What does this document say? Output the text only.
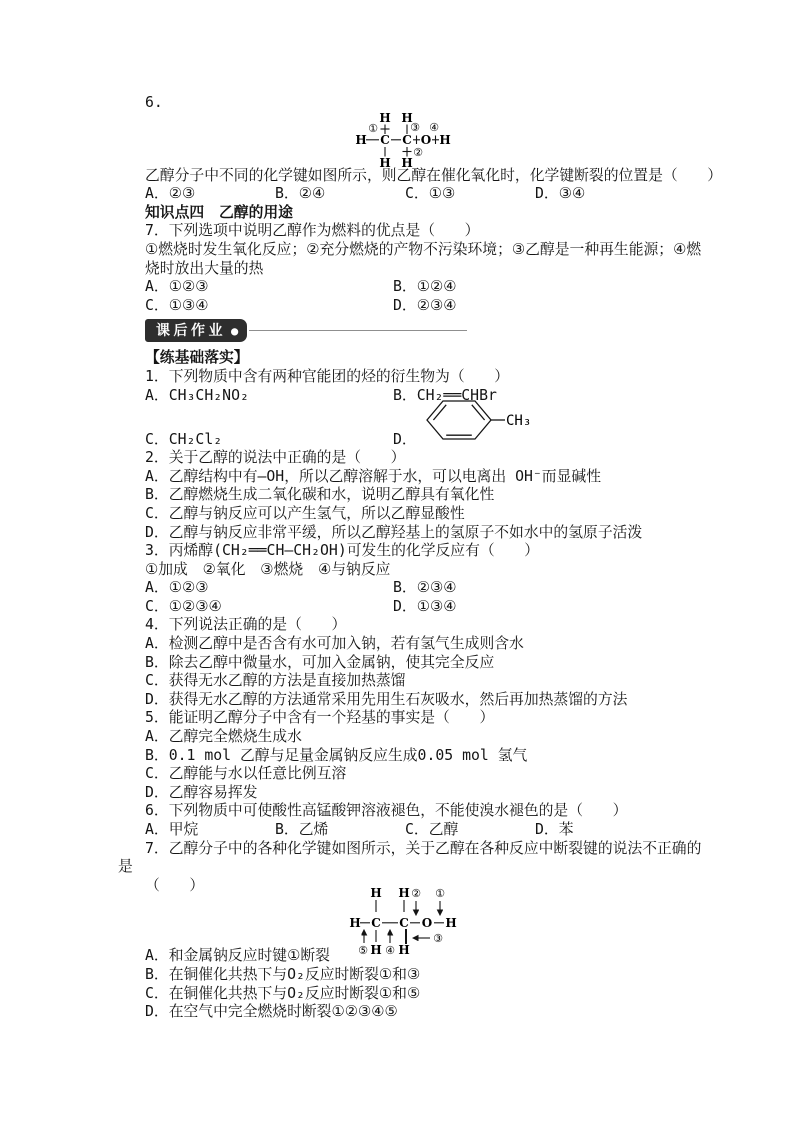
6.
H H
①	③ ④
H C C O H
②
H H
乙醇分子中不同的化学键如图所示，则乙醇在催化氧化时，化学键断裂的位置是（　　）
A．②③	B．②④	C．①③	D．③④
知识点四　乙醇的用途
7．下列选项中说明乙醇作为燃料的优点是（　　）
①燃烧时发生氧化反应；②充分燃烧的产物不污染环境；③乙醇是一种再生能源；④燃
烧时放出大量的热
A．①②③	B．①②④
C．①③④	D．②③④
课后作业 ●
【练基础落实】
1．下列物质中含有两种官能团的烃的衍生物为（　　）
A．CH₃CH₂NO₂	B．CH₂══CHBr
C．CH₂Cl₂	D．
CH₃
2．关于乙醇的说法中正确的是（　　）
A．乙醇结构中有—OH，所以乙醇溶解于水，可以电离出 OH⁻而显碱性
B．乙醇燃烧生成二氧化碳和水，说明乙醇具有氧化性
C．乙醇与钠反应可以产生氢气，所以乙醇显酸性
D．乙醇与钠反应非常平缓，所以乙醇羟基上的氢原子不如水中的氢原子活泼
3．丙烯醇(CH₂══CH—CH₂OH)可发生的化学反应有（　　）
①加成　②氧化　③燃烧　④与钠反应
A．①②③	B．②③④
C．①②③④	D．①③④
4．下列说法正确的是（　　）
A．检测乙醇中是否含有水可加入钠，若有氢气生成则含水
B．除去乙醇中微量水，可加入金属钠，使其完全反应
C．获得无水乙醇的方法是直接加热蒸馏
D．获得无水乙醇的方法通常采用先用生石灰吸水，然后再加热蒸馏的方法
5．能证明乙醇分子中含有一个羟基的事实是（　　）
A．乙醇完全燃烧生成水
B．0.1 mol 乙醇与足量金属钠反应生成0.05 mol 氢气
C．乙醇能与水以任意比例互溶
D．乙醇容易挥发
6．下列物质中可使酸性高锰酸钾溶液褪色，不能使溴水褪色的是（　　）
A．甲烷	B．乙烯	C．乙醇	D．苯
7．乙醇分子中的各种化学键如图所示，关于乙醇在各种反应中断裂键的说法不正确的
是
（　　）	H H ② ①
H C C O H
③
⑤ H ④ H
A．和金属钠反应时键①断裂
B．在铜催化共热下与O₂反应时断裂①和③
C．在铜催化共热下与O₂反应时断裂①和⑤
D．在空气中完全燃烧时断裂①②③④⑤
